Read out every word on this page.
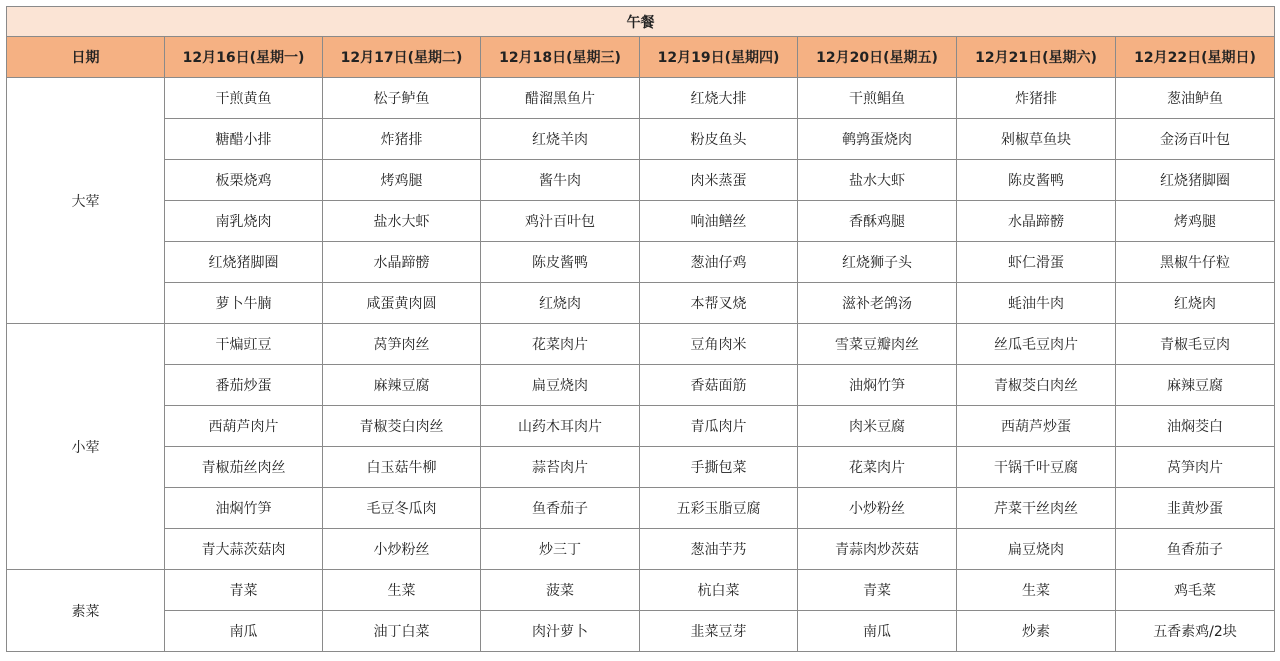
午餐							
日期	12月16日(星期一)	12月17日(星期二)	12月18日(星期三)	12月19日(星期四)	12月20日(星期五)	12月21日(星期六)	12月22日(星期日)
大荤	干煎黄鱼	松子鲈鱼	醋溜黑鱼片	红烧大排	干煎鲳鱼	炸猪排	葱油鲈鱼
	糖醋小排	炸猪排	红烧羊肉	粉皮鱼头	鹌鹑蛋烧肉	剁椒草鱼块	金汤百叶包
	板栗烧鸡	烤鸡腿	酱牛肉	肉米蒸蛋	盐水大虾	陈皮酱鸭	红烧猪脚圈
	南乳烧肉	盐水大虾	鸡汁百叶包	响油鳝丝	香酥鸡腿	水晶蹄髈	烤鸡腿
	红烧猪脚圈	水晶蹄髈	陈皮酱鸭	葱油仔鸡	红烧狮子头	虾仁滑蛋	黑椒牛仔粒
	萝卜牛腩	咸蛋黄肉圆	红烧肉	本帮叉烧	滋补老鸽汤	蚝油牛肉	红烧肉
小荤	干煸豇豆	莴笋肉丝	花菜肉片	豆角肉米	雪菜豆瓣肉丝	丝瓜毛豆肉片	青椒毛豆肉
	番茄炒蛋	麻辣豆腐	扁豆烧肉	香菇面筋	油焖竹笋	青椒茭白肉丝	麻辣豆腐
	西葫芦肉片	青椒茭白肉丝	山药木耳肉片	青瓜肉片	肉米豆腐	西葫芦炒蛋	油焖茭白
	青椒茄丝肉丝	白玉菇牛柳	蒜苔肉片	手撕包菜	花菜肉片	干锅千叶豆腐	莴笋肉片
	油焖竹笋	毛豆冬瓜肉	鱼香茄子	五彩玉脂豆腐	小炒粉丝	芹菜干丝肉丝	韭黄炒蛋
	青大蒜茨菇肉	小炒粉丝	炒三丁	葱油芋艿	青蒜肉炒茨菇	扁豆烧肉	鱼香茄子
素菜	青菜	生菜	菠菜	杭白菜	青菜	生菜	鸡毛菜
	南瓜	油丁白菜	肉汁萝卜	韭菜豆芽	南瓜	炒素	五香素鸡/2块
